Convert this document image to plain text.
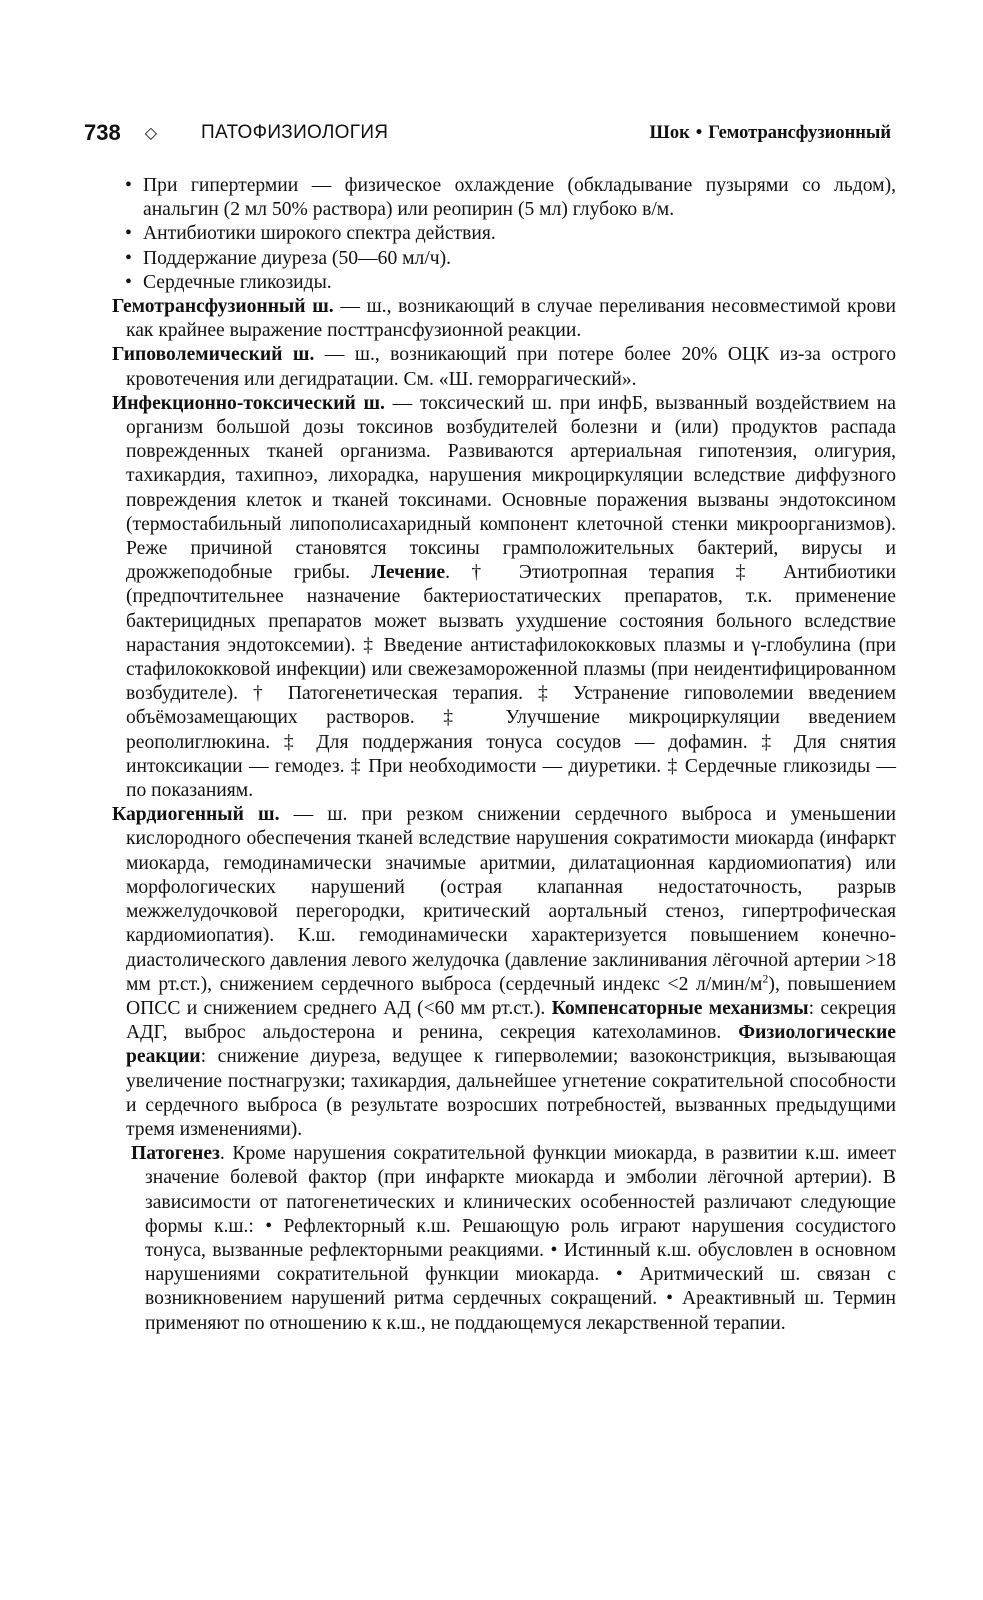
738 ◇ ПАТОФИЗИОЛОГИЯ	Шок • Гемотрансфузионный

• При гипертермии — физическое охлаждение (обкладывание пузырями со льдом), анальгин (2 мл 50% раствора) или реопирин (5 мл) глубоко в/м.

• Антибиотики широкого спектра действия.

• Поддержание диуреза (50—60 мл/ч).

• Сердечные гликозиды.

Гемотрансфузионный ш. — ш., возникающий в случае переливания несовместимой крови как крайнее выражение посттрансфузионной реакции.

Гиповолемический ш. — ш., возникающий при потере более 20% ОЦК из-за острого кровотечения или дегидратации. См. «Ш. геморрагический».

Инфекционно-токсический ш. — токсический ш. при инфБ, вызванный воздействием на организм большой дозы токсинов возбудителей болезни и (или) продуктов распада поврежденных тканей организма. Развиваются артериальная гипотензия, олигурия, тахикардия, тахипноэ, лихорадка, нарушения микроциркуляции вследствие диффузного повреждения клеток и тканей токсинами. Основные поражения вызваны эндотоксином (термостабильный липополисахаридный компонент клеточной стенки микроорганизмов). Реже причиной становятся токсины грамположительных бактерий, вирусы и дрожжеподобные грибы. Лечение. † Этиотропная терапия ‡ Антибиотики (предпочтительнее назначение бактериостатических препаратов, т.к. применение бактерицидных препаратов может вызвать ухудшение состояния больного вследствие нарастания эндотоксемии). ‡ Введение антистафилококковых плазмы и γ-глобулина (при стафилококковой инфекции) или свежезамороженной плазмы (при неидентифицированном возбудителе). † Патогенетическая терапия. ‡ Устранение гиповолемии введением объёмозамещающих растворов. ‡ Улучшение микроциркуляции введением реополиглюкина. ‡ Для поддержания тонуса сосудов — дофамин. ‡ Для снятия интоксикации — гемодез. ‡ При необходимости — диуретики. ‡ Сердечные гликозиды — по показаниям.

Кардиогенный ш. — ш. при резком снижении сердечного выброса и уменьшении кислородного обеспечения тканей вследствие нарушения сократимости миокарда (инфаркт миокарда, гемодинамически значимые аритмии, дилатационная кардиомиопатия) или морфологических нарушений (острая клапанная недостаточность, разрыв межжелудочковой перегородки, критический аортальный стеноз, гипертрофическая кардиомиопатия). К.ш. гемодинамически характеризуется повышением конечно-диастолического давления левого желудочка (давление заклинивания лёгочной артерии >18 мм рт.ст.), снижением сердечного выброса (сердечный индекс <2 $л/мин/м^2$), повышением ОПСС и снижением среднего АД (<60 мм рт.ст.). Компенсаторные механизмы: секреция АДГ, выброс альдостерона и ренина, секреция катехоламинов. Физиологические реакции: снижение диуреза, ведущее к гиперволемии; вазоконстрикция, вызывающая увеличение постнагрузки; тахикардия, дальнейшее угнетение сократительной способности и сердечного выброса (в результате возросших потребностей, вызванных предыдущими тремя изменениями).

Патогенез. Кроме нарушения сократительной функции миокарда, в развитии к.ш. имеет значение болевой фактор (при инфаркте миокарда и эмболии лёгочной артерии). В зависимости от патогенетических и клинических особенностей различают следующие формы к.ш.: • Рефлекторный к.ш. Решающую роль играют нарушения сосудистого тонуса, вызванные рефлекторными реакциями. • Истинный к.ш. обусловлен в основном нарушениями сократительной функции миокарда. • Аритмический ш. связан с возникновением нарушений ритма сердечных сокращений. • Ареактивный ш. Термин применяют по отношению к к.ш., не поддающемуся лекарственной терапии.
